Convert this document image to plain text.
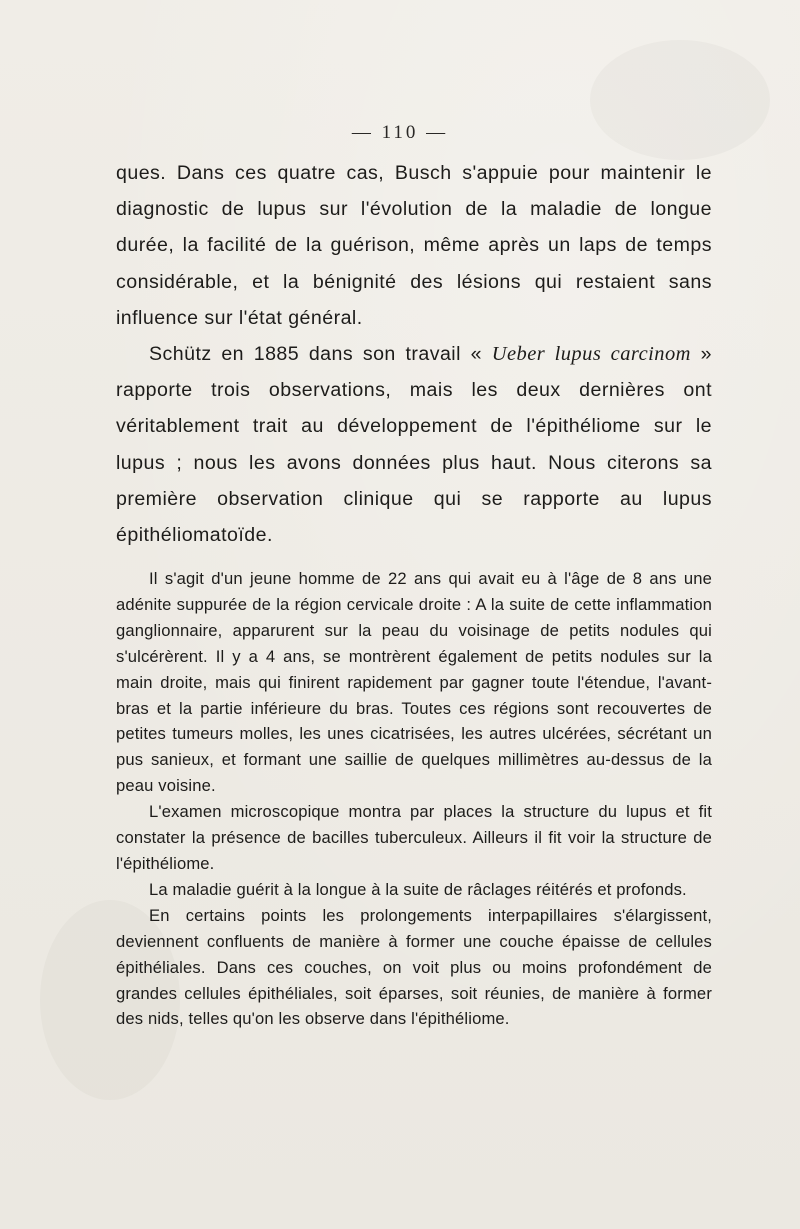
— 110 —

ques. Dans ces quatre cas, Busch s'appuie pour maintenir le diagnostic de lupus sur l'évolution de la maladie de longue durée, la facilité de la guérison, même après un laps de temps considérable, et la bénignité des lésions qui restaient sans influence sur l'état général.

Schütz en 1885 dans son travail « Ueber lupus carcinom » rapporte trois observations, mais les deux dernières ont véritablement trait au développement de l'épithéliome sur le lupus ; nous les avons données plus haut. Nous citerons sa première observation clinique qui se rapporte au lupus épithéliomatoïde.

Il s'agit d'un jeune homme de 22 ans qui avait eu à l'âge de 8 ans une adénite suppurée de la région cervicale droite : A la suite de cette inflammation ganglionnaire, apparurent sur la peau du voisinage de petits nodules qui s'ulcérèrent. Il y a 4 ans, se montrèrent également de petits nodules sur la main droite, mais qui finirent rapidement par gagner toute l'étendue, l'avant-bras et la partie inférieure du bras. Toutes ces régions sont recouvertes de petites tumeurs molles, les unes cicatrisées, les autres ulcérées, sécrétant un pus sanieux, et formant une saillie de quelques millimètres au-dessus de la peau voisine.

L'examen microscopique montra par places la structure du lupus et fit constater la présence de bacilles tuberculeux. Ailleurs il fit voir la structure de l'épithéliome.

La maladie guérit à la longue à la suite de râclages réitérés et profonds.

En certains points les prolongements interpapillaires s'élargissent, deviennent confluents de manière à former une couche épaisse de cellules épithéliales. Dans ces couches, on voit plus ou moins profondément de grandes cellules épithéliales, soit éparses, soit réunies, de manière à former des nids, telles qu'on les observe dans l'épithéliome.
